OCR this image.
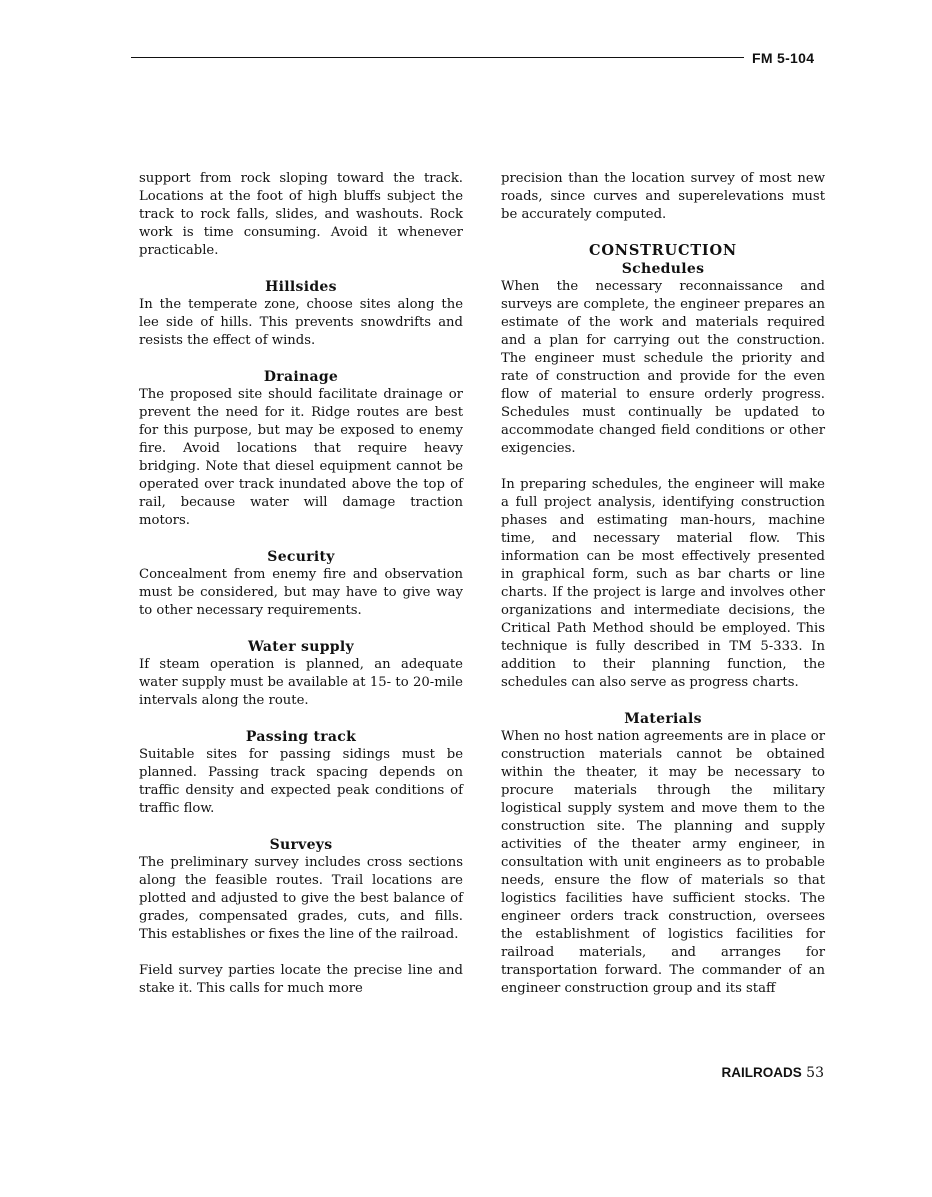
FM 5-104

support from rock sloping toward the track. Locations at the foot of high bluffs subject the track to rock falls, slides, and washouts. Rock work is time consuming. Avoid it whenever practicable.

Hillsides

In the temperate zone, choose sites along the lee side of hills. This prevents snowdrifts and resists the effect of winds.

Drainage

The proposed site should facilitate drainage or prevent the need for it. Ridge routes are best for this purpose, but may be exposed to enemy fire. Avoid locations that require heavy bridging. Note that diesel equipment cannot be operated over track inundated above the top of rail, because water will damage traction motors.

Security

Concealment from enemy fire and observation must be considered, but may have to give way to other necessary requirements.

Water supply

If steam operation is planned, an adequate water supply must be available at 15- to 20-mile intervals along the route.

Passing track

Suitable sites for passing sidings must be planned. Passing track spacing depends on traffic density and expected peak conditions of traffic flow.

Surveys

The preliminary survey includes cross sections along the feasible routes. Trail locations are plotted and adjusted to give the best balance of grades, compensated grades, cuts, and fills. This establishes or fixes the line of the railroad.

Field survey parties locate the precise line and stake it. This calls for much more

precision than the location survey of most new roads, since curves and superelevations must be accurately computed.

CONSTRUCTION
Schedules

When the necessary reconnaissance and surveys are complete, the engineer prepares an estimate of the work and materials required and a plan for carrying out the construction. The engineer must schedule the priority and rate of construction and provide for the even flow of material to ensure orderly progress. Schedules must continually be updated to accommodate changed field conditions or other exigencies.

In preparing schedules, the engineer will make a full project analysis, identifying construction phases and estimating man-hours, machine time, and necessary material flow. This information can be most effectively presented in graphical form, such as bar charts or line charts. If the project is large and involves other organizations and intermediate decisions, the Critical Path Method should be employed. This technique is fully described in TM 5-333. In addition to their planning function, the schedules can also serve as progress charts.

Materials

When no host nation agreements are in place or construction materials cannot be obtained within the theater, it may be necessary to procure materials through the military logistical supply system and move them to the construction site. The planning and supply activities of the theater army engineer, in consultation with unit engineers as to probable needs, ensure the flow of materials so that logistics facilities have sufficient stocks. The engineer orders track construction, oversees the establishment of logistics facilities for railroad materials, and arranges for transportation forward. The commander of an engineer construction group and its staff

RAILROADS 53
